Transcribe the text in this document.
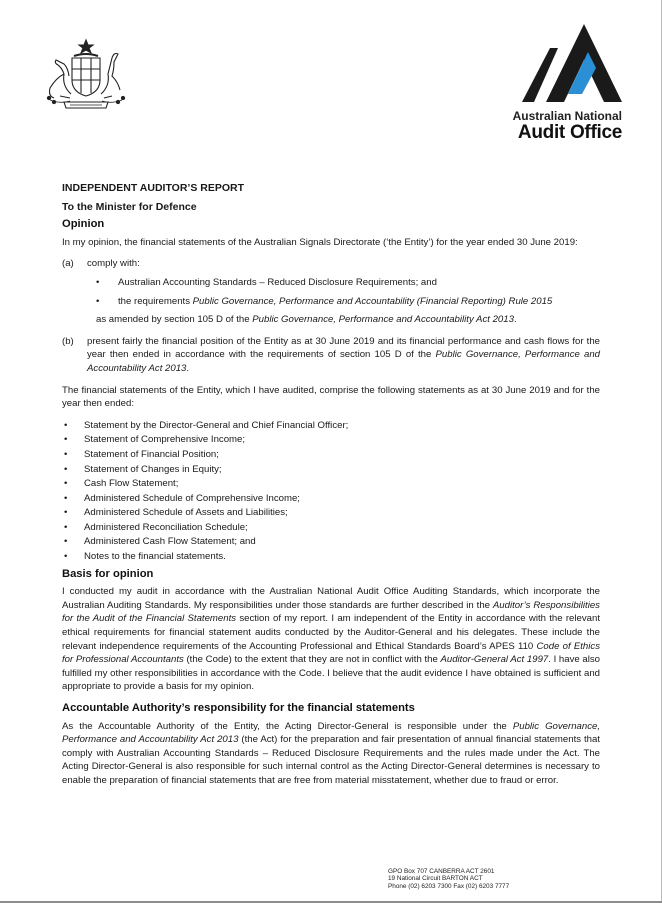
Australian National
Audit Office
INDEPENDENT AUDITOR’S REPORT
To the Minister for Defence
Opinion

In my opinion, the financial statements of the Australian Signals Directorate (‘the Entity’) for the year ended 30 June 2019:

(a)	comply with:
• Australian Accounting Standards – Reduced Disclosure Requirements; and
• the requirements Public Governance, Performance and Accountability (Financial Reporting) Rule 2015
as amended by section 105 D of the Public Governance, Performance and Accountability Act 2013.
(b)	present fairly the financial position of the Entity as at 30 June 2019 and its financial performance and cash flows for the year then ended in accordance with the requirements of section 105 D of the Public Governance, Performance and Accountability Act 2013.

The financial statements of the Entity, which I have audited, comprise the following statements as at 30 June 2019 and for the year then ended:

• Statement by the Director-General and Chief Financial Officer;
• Statement of Comprehensive Income;
• Statement of Financial Position;
• Statement of Changes in Equity;
• Cash Flow Statement;
• Administered Schedule of Comprehensive Income;
• Administered Schedule of Assets and Liabilities;
• Administered Reconciliation Schedule;
• Administered Cash Flow Statement; and
• Notes to the financial statements.
Basis for opinion

I conducted my audit in accordance with the Australian National Audit Office Auditing Standards, which incorporate the Australian Auditing Standards. My responsibilities under those standards are further described in the Auditor’s Responsibilities for the Audit of the Financial Statements section of my report. I am independent of the Entity in accordance with the relevant ethical requirements for financial statement audits conducted by the Auditor-General and his delegates. These include the relevant independence requirements of the Accounting Professional and Ethical Standards Board’s APES 110 Code of Ethics for Professional Accountants (the Code) to the extent that they are not in conflict with the Auditor-General Act 1997. I have also fulfilled my other responsibilities in accordance with the Code. I believe that the audit evidence I have obtained is sufficient and appropriate to provide a basis for my opinion.

Accountable Authority’s responsibility for the financial statements

As the Accountable Authority of the Entity, the Acting Director-General is responsible under the Public Governance, Performance and Accountability Act 2013 (the Act) for the preparation and fair presentation of annual financial statements that comply with Australian Accounting Standards – Reduced Disclosure Requirements and the rules made under the Act. The Acting Director-General is also responsible for such internal control as the Acting Director-General determines is necessary to enable the preparation of financial statements that are free from material misstatement, whether due to fraud or error.

GPO Box 707 CANBERRA ACT 2601
19 National Circuit BARTON ACT
Phone (02) 6203 7300 Fax (02) 6203 7777
